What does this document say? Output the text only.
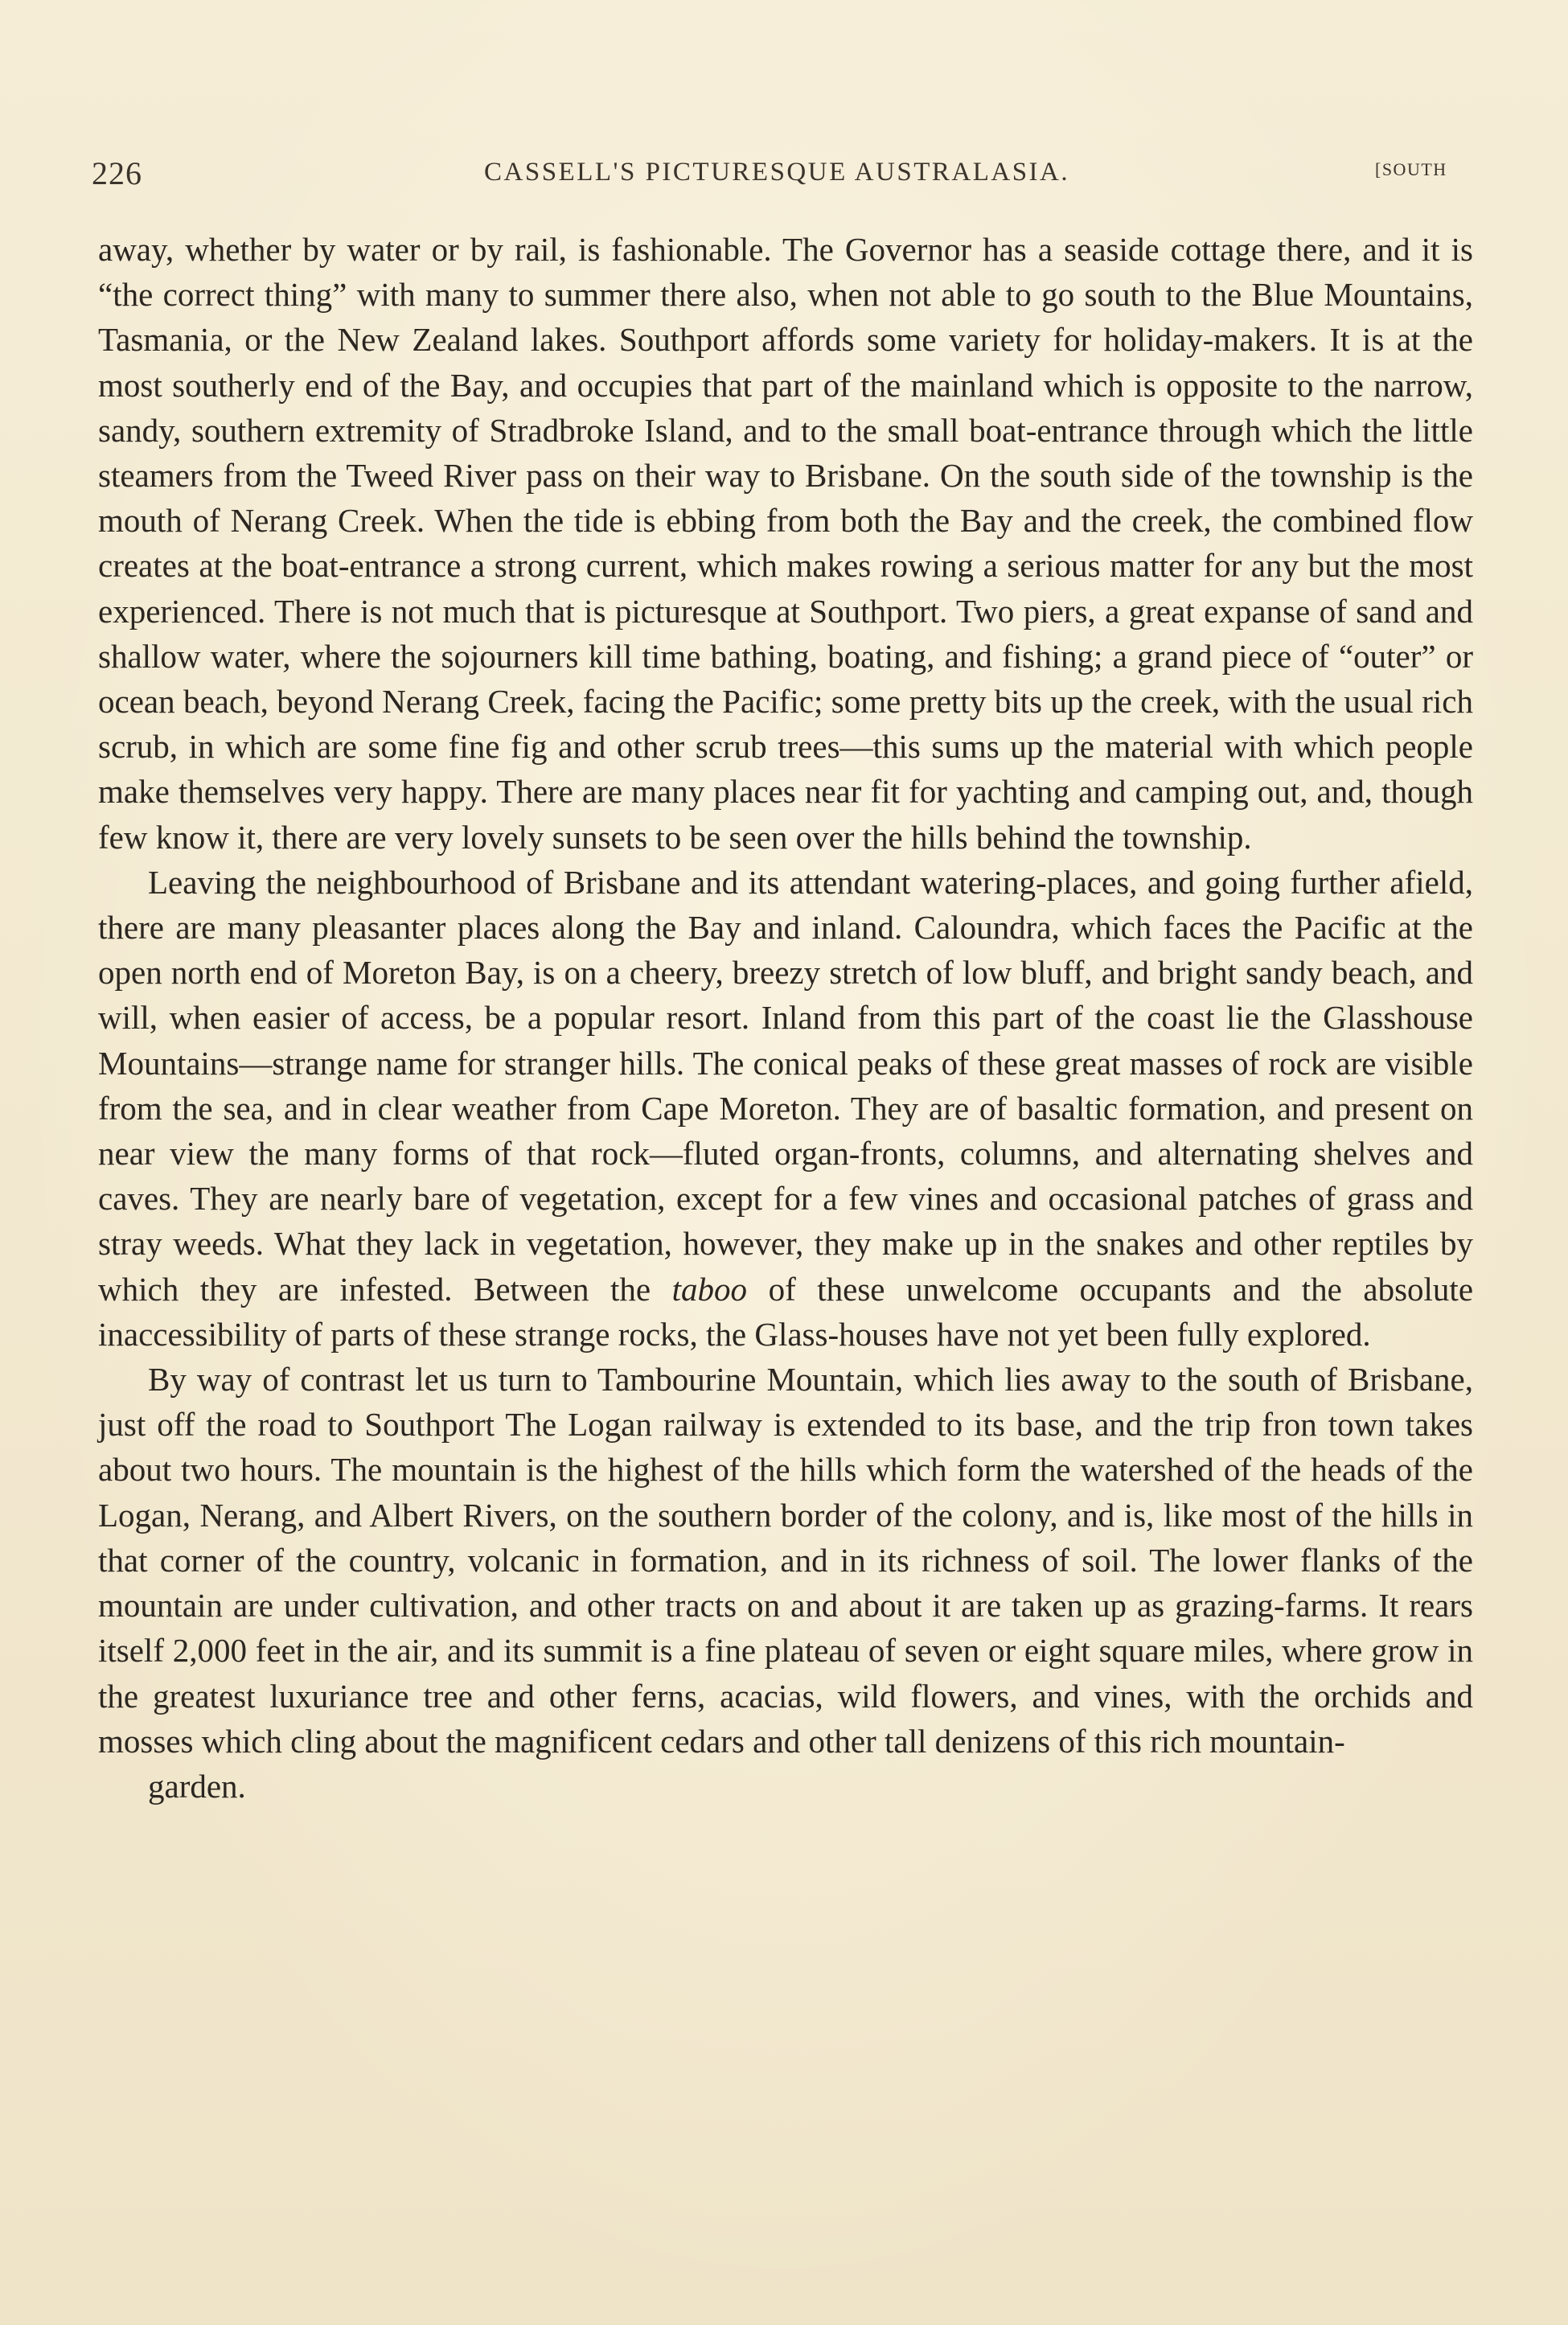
226	CASSELL'S PICTURESQUE AUSTRALASIA.	[SOUTH

away, whether by water or by rail, is fashionable. The Governor has a seaside cottage there, and it is “the correct thing” with many to summer there also, when not able to go south to the Blue Mountains, Tasmania, or the New Zealand lakes. Southport affords some variety for holiday-makers. It is at the most southerly end of the Bay, and occupies that part of the mainland which is opposite to the narrow, sandy, southern extremity of Stradbroke Island, and to the small boat-entrance through which the little steamers from the Tweed River pass on their way to Brisbane. On the south side of the township is the mouth of Nerang Creek. When the tide is ebbing from both the Bay and the creek, the combined flow creates at the boat-entrance a strong current, which makes rowing a serious matter for any but the most experienced. There is not much that is picturesque at Southport. Two piers, a great expanse of sand and shallow water, where the sojourners kill time bathing, boating, and fishing; a grand piece of “outer” or ocean beach, beyond Nerang Creek, facing the Pacific; some pretty bits up the creek, with the usual rich scrub, in which are some fine fig and other scrub trees—this sums up the material with which people make themselves very happy. There are many places near fit for yachting and camping out, and, though few know it, there are very lovely sunsets to be seen over the hills behind the township.

Leaving the neighbourhood of Brisbane and its attendant watering-places, and going further afield, there are many pleasanter places along the Bay and inland. Caloundra, which faces the Pacific at the open north end of Moreton Bay, is on a cheery, breezy stretch of low bluff, and bright sandy beach, and will, when easier of access, be a popular resort. Inland from this part of the coast lie the Glasshouse Mountains—strange name for stranger hills. The conical peaks of these great masses of rock are visible from the sea, and in clear weather from Cape Moreton. They are of basaltic formation, and present on near view the many forms of that rock—fluted organ-fronts, columns, and alternating shelves and caves. They are nearly bare of vegetation, except for a few vines and occasional patches of grass and stray weeds. What they lack in vegetation, however, they make up in the snakes and other reptiles by which they are infested. Between the taboo of these unwelcome occupants and the absolute inaccessibility of parts of these strange rocks, the Glass-houses have not yet been fully explored.

By way of contrast let us turn to Tambourine Mountain, which lies away to the south of Brisbane, just off the road to Southport The Logan railway is extended to its base, and the trip fron town takes about two hours. The mountain is the highest of the hills which form the watershed of the heads of the Logan, Nerang, and Albert Rivers, on the southern border of the colony, and is, like most of the hills in that corner of the country, volcanic in formation, and in its richness of soil. The lower flanks of the mountain are under cultivation, and other tracts on and about it are taken up as grazing-farms. It rears itself 2,000 feet in the air, and its summit is a fine plateau of seven or eight square miles, where grow in the greatest luxuriance tree and other ferns, acacias, wild flowers, and vines, with the orchids and mosses which cling about the magnificent cedars and other tall denizens of this rich mountain-
garden.
